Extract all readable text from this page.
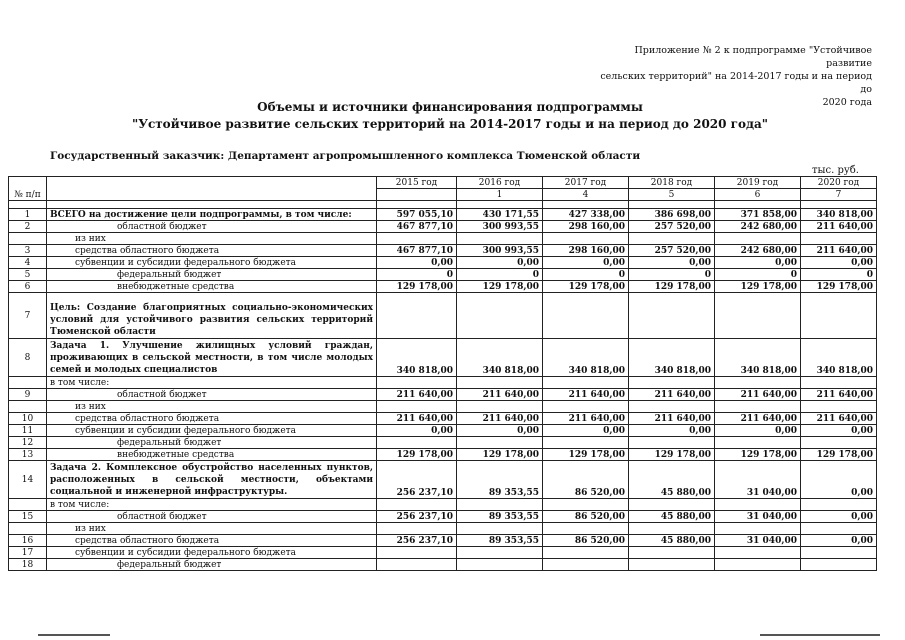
Приложение № 2 к подпрограмме "Устойчивое развитие
сельских территорий" на 2014-2017 годы и на период до
2020 года
Объемы и источники финансирования подпрограммы
"Устойчивое развитие сельских территорий на 2014-2017 годы и на период до 2020 года"
Государственный заказчик: Департамент агропромышленного комплекса Тюменской области
тыс. руб.
№ п/п		2015 год	2016 год	2017 год	2018 год	2019 год	2020 год	
			1	4	5	6	7		

1	ВСЕГО на достижение цели подпрограммы, в том числе:	597 055,10	430 171,55	427 338,00	386 698,00	371 858,00	340 818,00	
2	областной бюджет	467 877,10	300 993,55	298 160,00	257 520,00	242 680,00	211 640,00	
	из них							
3	средства областного бюджета	467 877,10	300 993,55	298 160,00	257 520,00	242 680,00	211 640,00	
4	субвенции и субсидии федерального бюджета	0,00	0,00	0,00	0,00	0,00	0,00	
5	федеральный бюджет	0	0	0	0	0	0	
6	внебюджетные средства	129 178,00	129 178,00	129 178,00	129 178,00	129 178,00	129 178,00	
7	Цель: Создание благоприятных социально-экономических условий для устойчивого развития сельских территорий Тюменской области							
8	Задача 1. Улучшение жилищных условий граждан, проживающих в сельской местности, в том числе молодых семей и молодых специалистов	340 818,00	340 818,00	340 818,00	340 818,00	340 818,00	340 818,00	
	в том числе:							
9	областной бюджет	211 640,00	211 640,00	211 640,00	211 640,00	211 640,00	211 640,00	
	из них							
10	средства областного бюджета	211 640,00	211 640,00	211 640,00	211 640,00	211 640,00	211 640,00	
11	субвенции и субсидии федерального бюджета	0,00	0,00	0,00	0,00	0,00	0,00	
12	федеральный бюджет							
13	внебюджетные средства	129 178,00	129 178,00	129 178,00	129 178,00	129 178,00	129 178,00	
14	Задача 2. Комплексное обустройство населенных пунктов, расположенных в сельской местности, объектами социальной и инженерной инфраструктуры.	256 237,10	89 353,55	86 520,00	45 880,00	31 040,00	0,00	
	в том числе:							
15	областной бюджет	256 237,10	89 353,55	86 520,00	45 880,00	31 040,00	0,00	
	из них							
16	средства областного бюджета	256 237,10	89 353,55	86 520,00	45 880,00	31 040,00	0,00	
17	субвенции и субсидии федерального бюджета							
18	федеральный бюджет							
